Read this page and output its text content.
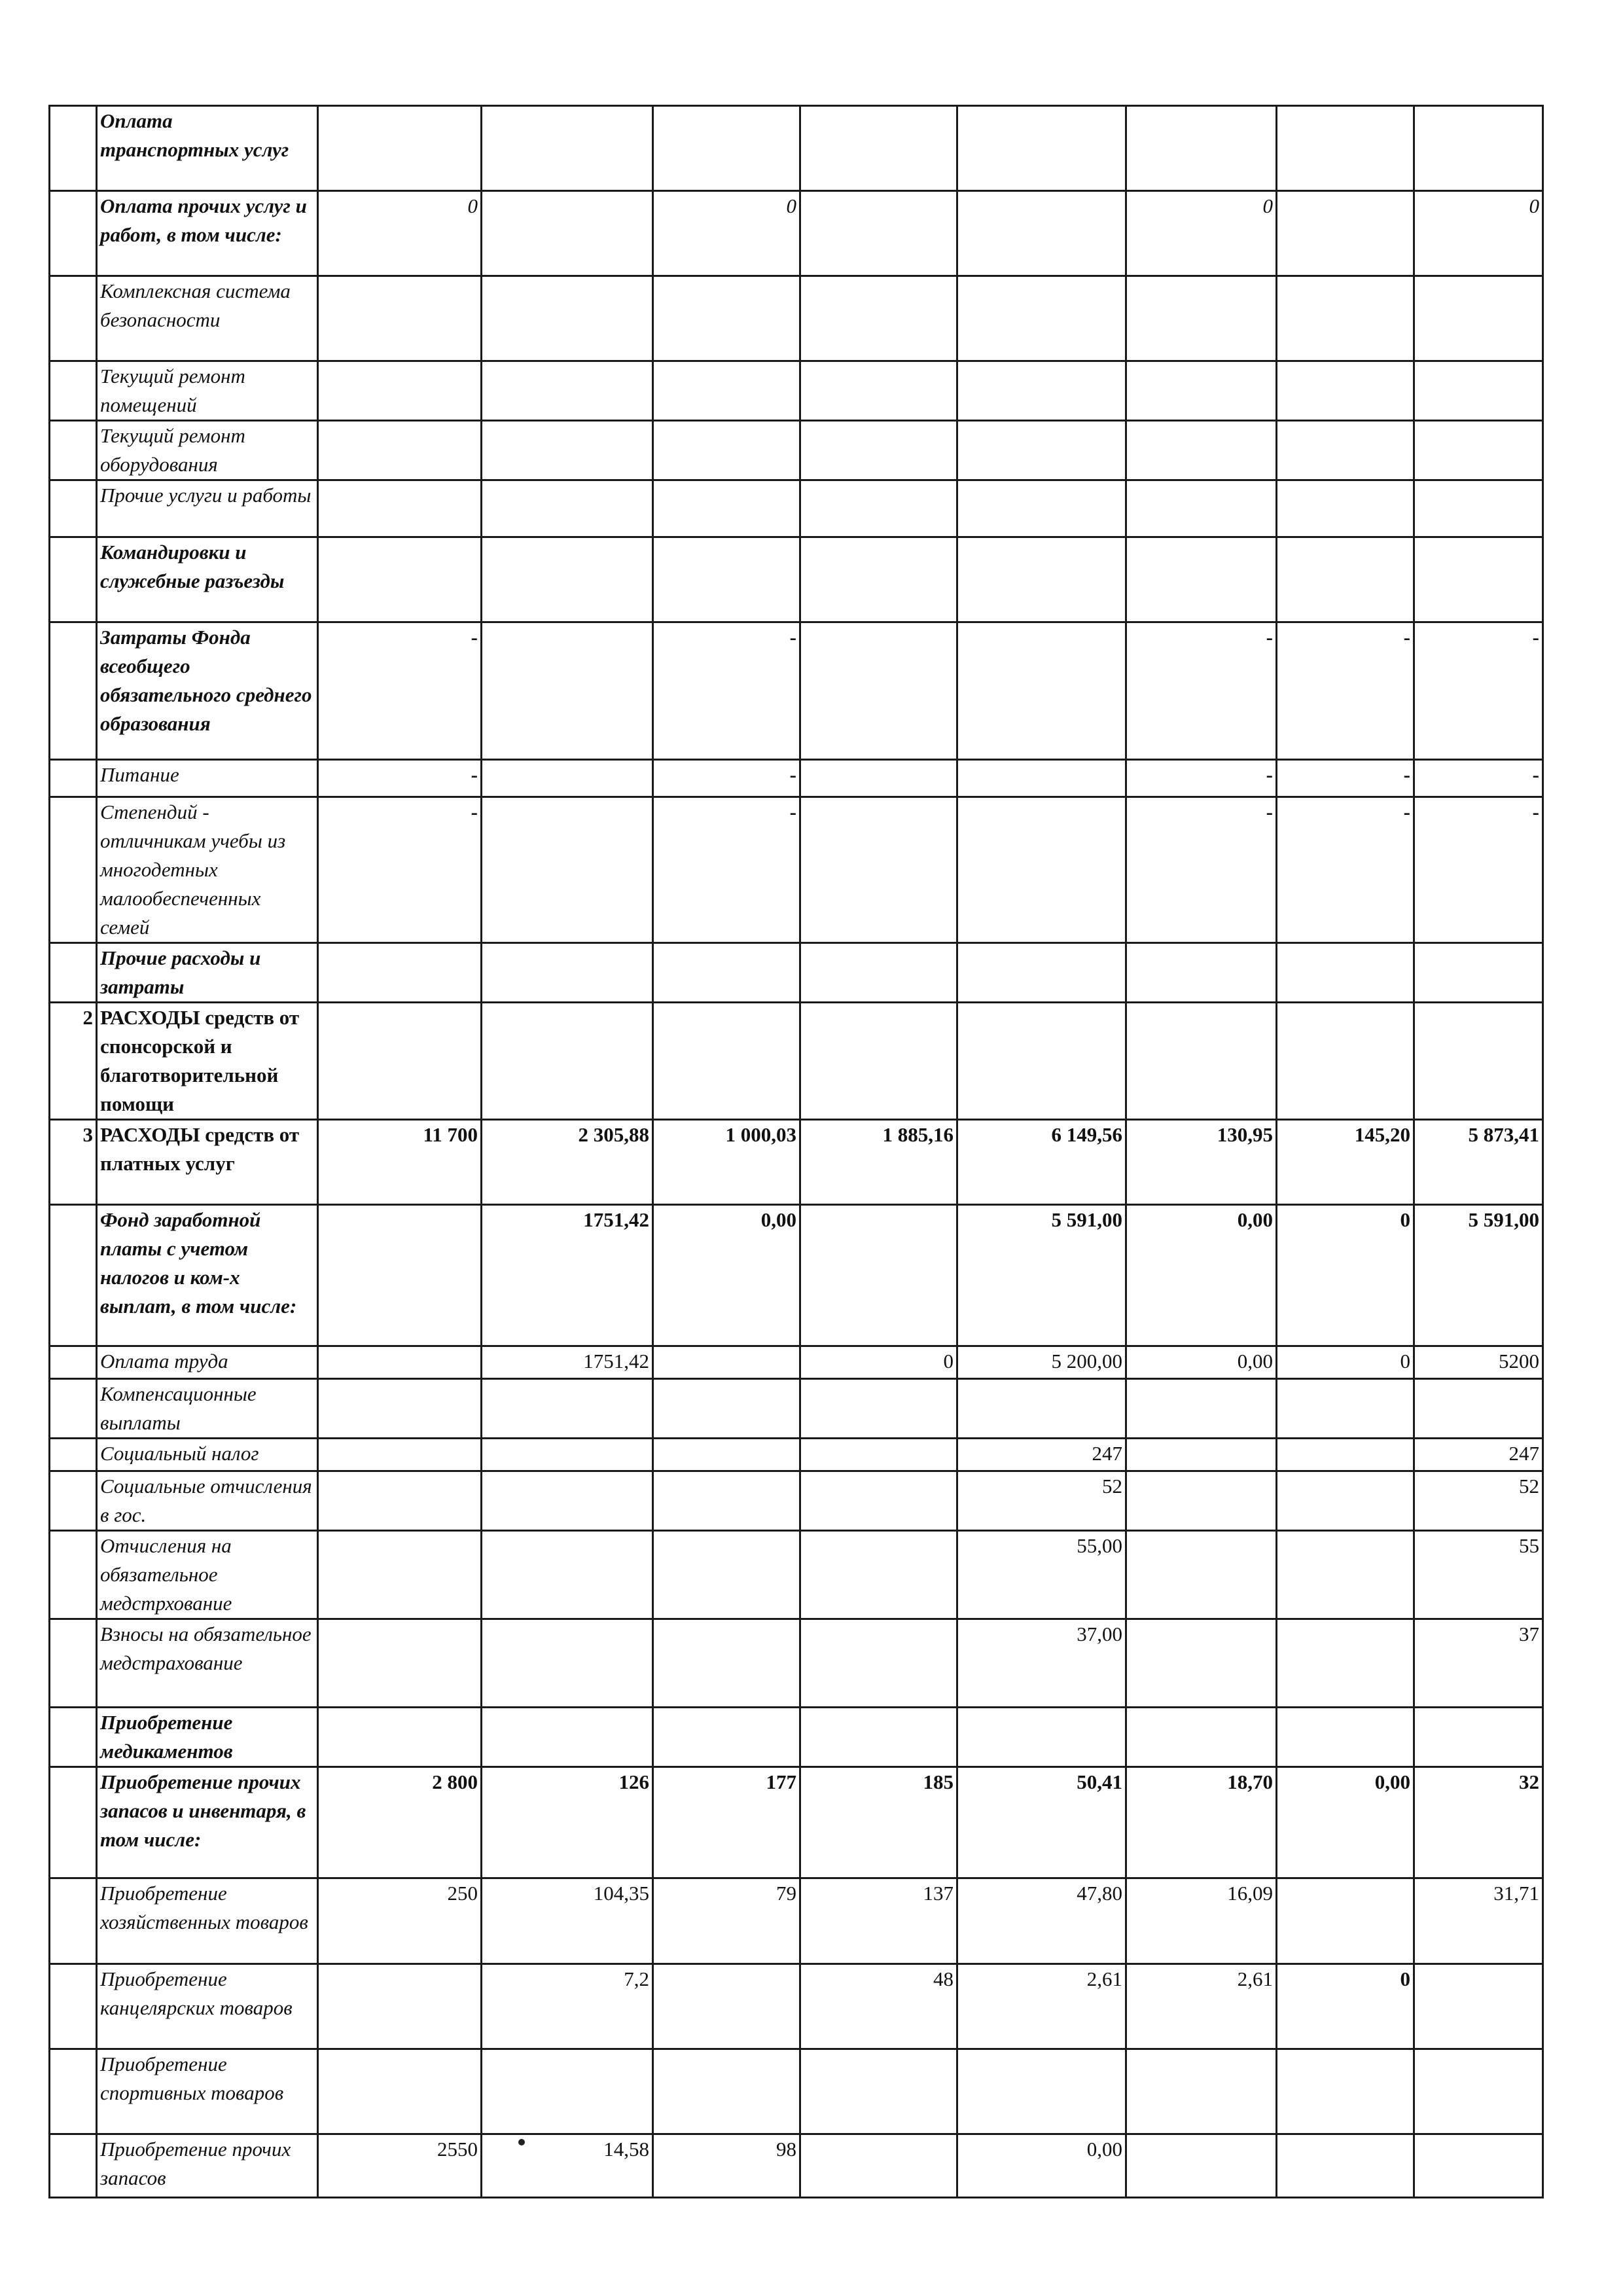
	Оплата транспортных услуг								
	Оплата прочих услуг и работ, в том числе:	0		0			0		0
	Комплексная система безопасности								
	Текущий ремонт помещений								
	Текущий ремонт оборудования								
	Прочие услуги и работы								
	Командировки и служебные разъезды								
	Затраты Фонда всеобщего обязательного среднего образования	-		-			-	-	-
	Питание	-		-			-	-	-
	Степендий - отличникам учебы из многодетных малообеспеченных семей	-		-			-	-	-
	Прочие расходы и затраты								
2	РАСХОДЫ средств от спонсорской и благотворительной помощи								
3	РАСХОДЫ средств от платных услуг	11 700	2 305,88	1 000,03	1 885,16	6 149,56	130,95	145,20	5 873,41
	Фонд заработной платы с учетом налогов и ком-х выплат, в том числе:		1751,42	0,00		5 591,00	0,00	0	5 591,00
	Оплата труда		1751,42		0	5 200,00	0,00	0	5200
	Компенсационные выплаты								
	Социальный налог					247			247
	Социальные отчисления в гос.					52			52
	Отчисления на обязательное медстрхование					55,00			55
	Взносы на обязательное медстрахование					37,00			37
	Приобретение медикаментов								
	Приобретение прочих запасов и инвентаря, в том числе:	2 800	126	177	185	50,41	18,70	0,00	32
	Приобретение хозяйственных товаров	250	104,35	79	137	47,80	16,09		31,71
	Приобретение канцелярских товаров		7,2		48	2,61	2,61	0	
	Приобретение спортивных товаров								
	Приобретение прочих запасов	2550	14,58	98		0,00			
